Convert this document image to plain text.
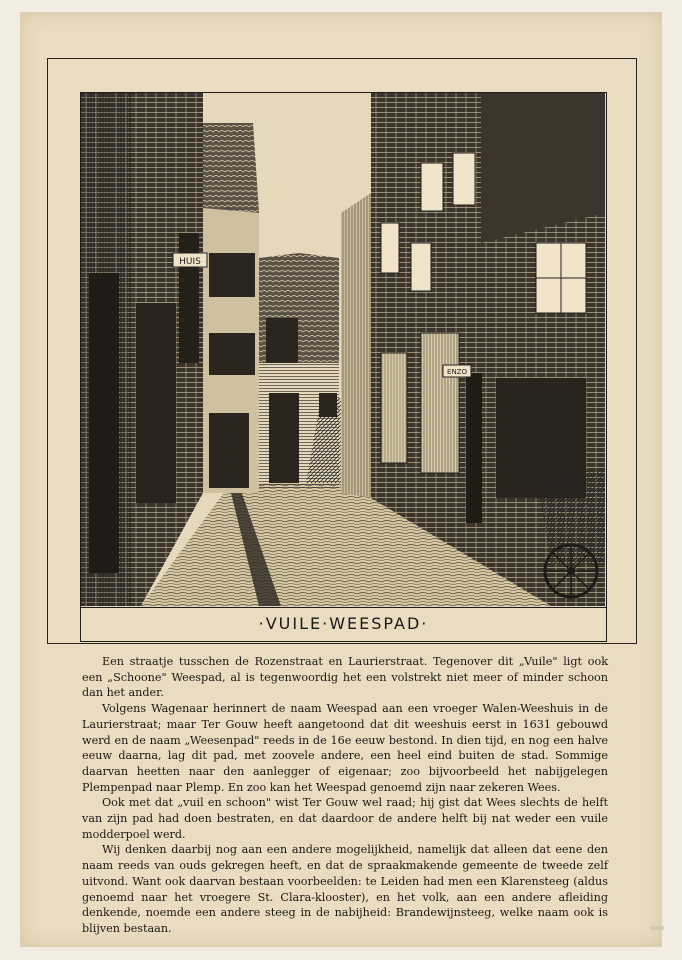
HUIS
ENZO
·VUILE·WEESPAD·

Een straatje tusschen de Rozenstraat en Laurierstraat. Tegenover dit „Vuile" ligt ook een „Schoone" Weespad, al is tegenwoordig het een volstrekt niet meer of minder schoon dan het ander.

Volgens Wagenaar herinnert de naam Weespad aan een vroeger Walen-Weeshuis in de Laurierstraat; maar Ter Gouw heeft aangetoond dat dit weeshuis eerst in 1631 gebouwd werd en de naam „Weesenpad" reeds in de 16e eeuw bestond. In dien tijd, en nog een halve eeuw daarna, lag dit pad, met zoovele andere, een heel eind buiten de stad. Sommige daarvan heetten naar den aanlegger of eigenaar; zoo bijvoorbeeld het nabijgelegen Plempenpad naar Plemp. En zoo kan het Weespad genoemd zijn naar zekeren Wees.

Ook met dat „vuil en schoon" wist Ter Gouw wel raad; hij gist dat Wees slechts de helft van zijn pad had doen bestraten, en dat daardoor de andere helft bij nat weder een vuile modderpoel werd.

Wij denken daarbij nog aan een andere mogelijkheid, namelijk dat alleen dat eene den naam reeds van ouds gekregen heeft, en dat de spraakmakende gemeente de tweede zelf uitvond. Want ook daarvan bestaan voorbeelden: te Leiden had men een Klarensteeg (aldus genoemd naar het vroegere St. Clara-klooster), en het volk, aan een andere afleiding denkende, noemde een andere steeg in de nabijheid: Brandewijnsteeg, welke naam ook is blijven bestaan.
